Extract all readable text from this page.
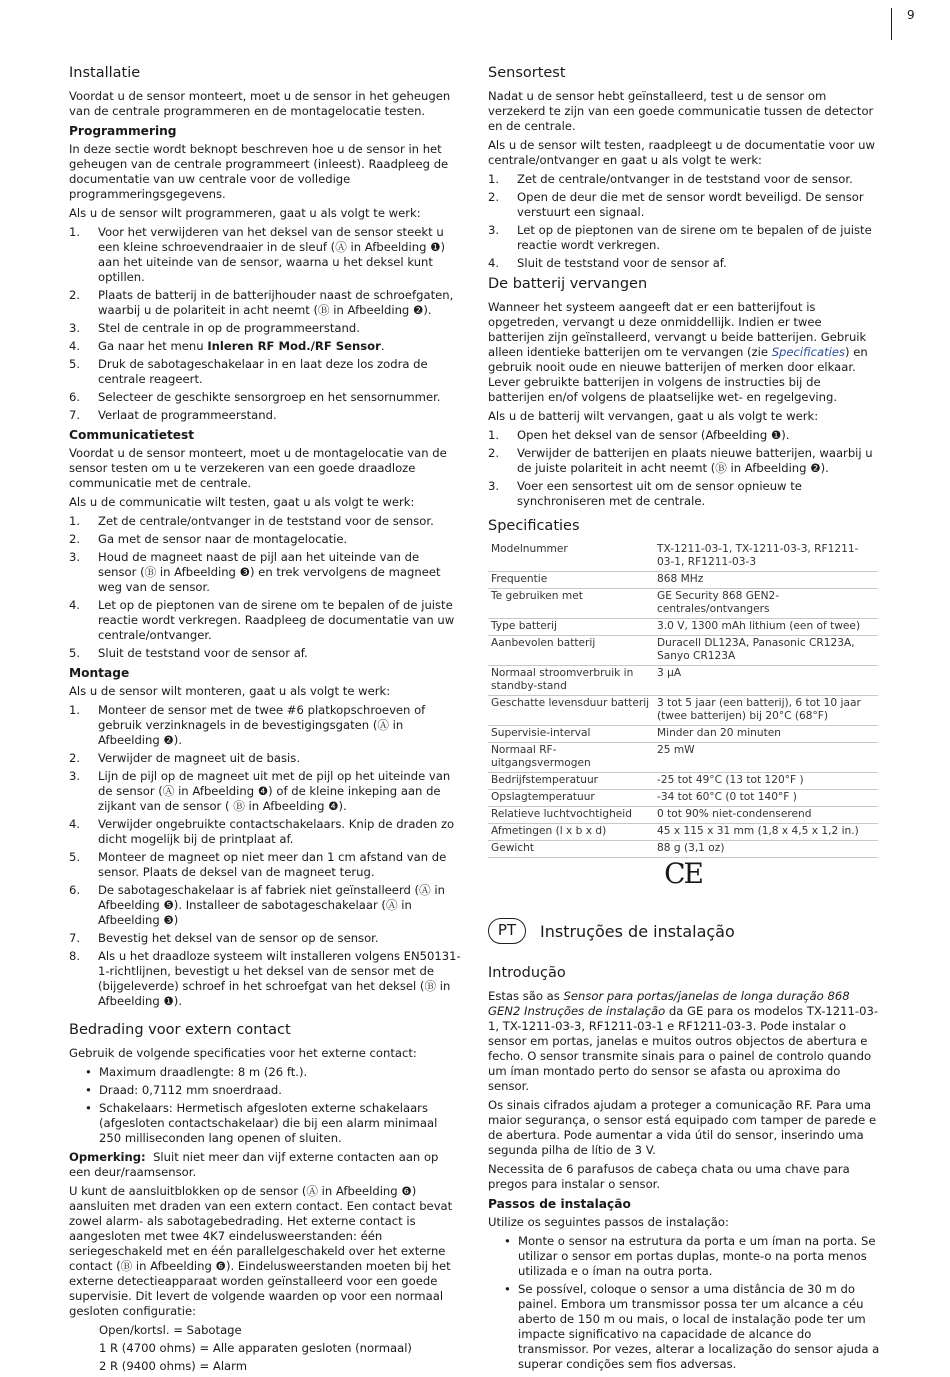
9
Installatie

Voordat u de sensor monteert, moet u de sensor in het geheugen van de centrale programmeren en de montagelocatie testen.

Programmering

In deze sectie wordt beknopt beschreven hoe u de sensor in het geheugen van de centrale programmeert (inleest). Raadpleeg de documentatie van uw centrale voor de volledige programmeringsgegevens.

Als u de sensor wilt programmeren, gaat u als volgt te werk:

1. Voor het verwijderen van het deksel van de sensor steekt u een kleine schroevendraaier in de sleuf (Ⓐ in Afbeelding ❶) aan het uiteinde van de sensor, waarna u het deksel kunt optillen.
2. Plaats de batterij in de batterijhouder naast de schroefgaten, waarbij u de polariteit in acht neemt (Ⓑ in Afbeelding ❷).
3. Stel de centrale in op de programmeerstand.
4. Ga naar het menu Inleren RF Mod./RF Sensor.
5. Druk de sabotageschakelaar in en laat deze los zodra de centrale reageert.
6. Selecteer de geschikte sensorgroep en het sensornummer.
7. Verlaat de programmeerstand.
Communicatietest

Voordat u de sensor monteert, moet u de montagelocatie van de sensor testen om u te verzekeren van een goede draadloze communicatie met de centrale.

Als u de communicatie wilt testen, gaat u als volgt te werk:

1. Zet de centrale/ontvanger in de teststand voor de sensor.
2. Ga met de sensor naar de montagelocatie.
3. Houd de magneet naast de pijl aan het uiteinde van de sensor (Ⓑ in Afbeelding ❸) en trek vervolgens de magneet weg van de sensor.
4. Let op de pieptonen van de sirene om te bepalen of de juiste reactie wordt verkregen. Raadpleeg de documentatie van uw centrale/ontvanger.
5. Sluit de teststand voor de sensor af.
Montage

Als u de sensor wilt monteren, gaat u als volgt te werk:

1. Monteer de sensor met de twee #6 platkopschroeven of gebruik verzinknagels in de bevestigingsgaten (Ⓐ in Afbeelding ❷).
2. Verwijder de magneet uit de basis.
3. Lijn de pijl op de magneet uit met de pijl op het uiteinde van de sensor (Ⓐ in Afbeelding ❹) of de kleine inkeping aan de zijkant van de sensor ( Ⓑ in Afbeelding ❹).
4. Verwijder ongebruikte contactschakelaars. Knip de draden zo dicht mogelijk bij de printplaat af.
5. Monteer de magneet op niet meer dan 1 cm afstand van de sensor. Plaats de deksel van de magneet terug.
6. De sabotageschakelaar is af fabriek niet geïnstalleerd (Ⓐ in Afbeelding ❺). Installeer de sabotageschakelaar (Ⓐ in Afbeelding ❸)
7. Bevestig het deksel van de sensor op de sensor.
8. Als u het draadloze systeem wilt installeren volgens EN50131-1-richtlijnen, bevestigt u het deksel van de sensor met de (bijgeleverde) schroef in het schroefgat van het deksel (Ⓑ in Afbeelding ❶).
Bedrading voor extern contact

Gebruik de volgende specificaties voor het externe contact:

• Maximum draadlengte: 8 m (26 ft.).
• Draad: 0,7112 mm snoerdraad.
• Schakelaars: Hermetisch afgesloten externe schakelaars (afgesloten contactschakelaar) die bij een alarm minimaal 250 milliseconden lang openen of sluiten.

Opmerking: Sluit niet meer dan vijf externe contacten aan op een deur/raamsensor.

U kunt de aansluitblokken op de sensor (Ⓐ in Afbeelding ❻) aansluiten met draden van een extern contact. Een contact bevat zowel alarm- als sabotagebedrading. Het externe contact is aangesloten met twee 4K7 eindelusweerstanden: één seriegeschakeld met en één parallelgeschakeld over het externe contact (Ⓑ in Afbeelding ❻). Eindelusweerstanden moeten bij het externe detectieapparaat worden geïnstalleerd voor een goede supervisie. Dit levert de volgende waarden op voor een normaal gesloten configuratie:

Open/kortsl. = Sabotage
1 R (4700 ohms) = Alle apparaten gesloten (normaal)
2 R (9400 ohms) = Alarm
Sensortest

Nadat u de sensor hebt geïnstalleerd, test u de sensor om verzekerd te zijn van een goede communicatie tussen de detector en de centrale.

Als u de sensor wilt testen, raadpleegt u de documentatie voor uw centrale/ontvanger en gaat u als volgt te werk:

1. Zet de centrale/ontvanger in de teststand voor de sensor.
2. Open de deur die met de sensor wordt beveiligd. De sensor verstuurt een signaal.
3. Let op de pieptonen van de sirene om te bepalen of de juiste reactie wordt verkregen.
4. Sluit de teststand voor de sensor af.
De batterij vervangen

Wanneer het systeem aangeeft dat er een batterijfout is opgetreden, vervangt u deze onmiddellijk. Indien er twee batterijen zijn geïnstalleerd, vervangt u beide batterijen. Gebruik alleen identieke batterijen om te vervangen (zie Specificaties) en gebruik nooit oude en nieuwe batterijen of merken door elkaar. Lever gebruikte batterijen in volgens de instructies bij de batterijen en/of volgens de plaatselijke wet- en regelgeving.

Als u de batterij wilt vervangen, gaat u als volgt te werk:

1. Open het deksel van de sensor (Afbeelding ❶).
2. Verwijder de batterijen en plaats nieuwe batterijen, waarbij u de juiste polariteit in acht neemt (Ⓑ in Afbeelding ❷).
3. Voer een sensortest uit om de sensor opnieuw te synchroniseren met de centrale.
Specificaties
Modelnummer	TX-1211-03-1, TX-1211-03-3, RF1211-03-1, RF1211-03-3
Frequentie	868 MHz
Te gebruiken met	GE Security 868 GEN2-centrales/ontvangers
Type batterij	3.0 V, 1300 mAh lithium (een of twee)
Aanbevolen batterij	Duracell DL123A, Panasonic CR123A, Sanyo CR123A
Normaal stroomverbruik in standby-stand	3 μA
Geschatte levensduur batterij	3 tot 5 jaar (een batterij), 6 tot 10 jaar (twee batterijen) bij 20°C (68°F)
Supervisie-interval	Minder dan 20 minuten
Normaal RF-uitgangsvermogen	25 mW
Bedrijfstemperatuur	-25 tot 49°C (13 tot 120°F )
Opslagtemperatuur	-34 tot 60°C (0 tot 140°F )
Relatieve luchtvochtigheid	0 tot 90% niet-condenserend
Afmetingen (l x b x d)	45 x 115 x 31 mm (1,8 x 4,5 x 1,2 in.)
Gewicht	88 g (3,1 oz)
CE
PT	Instruções de instalação
Introdução

Estas são as Sensor para portas/janelas de longa duração 868 GEN2 Instruções de instalação da GE para os modelos TX-1211-03-1, TX-1211-03-3, RF1211-03-1 e RF1211-03-3. Pode instalar o sensor em portas, janelas e muitos outros objectos de abertura e fecho. O sensor transmite sinais para o painel de controlo quando um íman montado perto do sensor se afasta ou aproxima do sensor.

Os sinais cifrados ajudam a proteger a comunicação RF. Para uma maior segurança, o sensor está equipado com tamper de parede e de abertura. Pode aumentar a vida útil do sensor, inserindo uma segunda pilha de lítio de 3 V.

Necessita de 6 parafusos de cabeça chata ou uma chave para pregos para instalar o sensor.

Passos de instalação

Utilize os seguintes passos de instalação:

• Monte o sensor na estrutura da porta e um íman na porta. Se utilizar o sensor em portas duplas, monte-o na porta menos utilizada e o íman na outra porta.
• Se possível, coloque o sensor a uma distância de 30 m do painel. Embora um transmissor possa ter um alcance a céu aberto de 150 m ou mais, o local de instalação pode ter um impacte significativo na capacidade de alcance do transmissor. Por vezes, alterar a localização do sensor ajuda a superar condições sem fios adversas.
